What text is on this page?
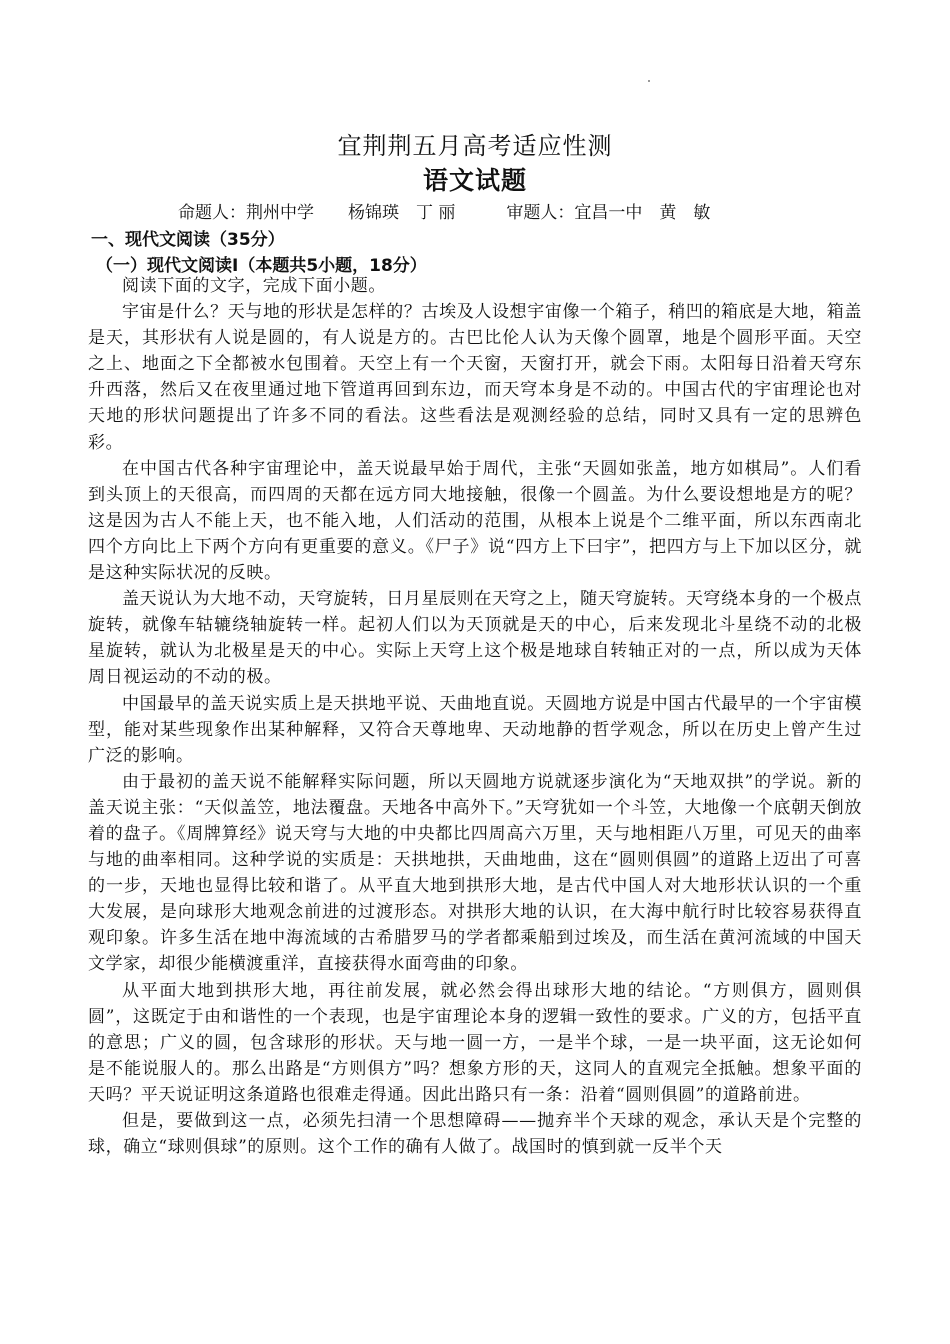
宜荆荆五月高考适应性测
语文试题
命题人：荆州中学　　杨锦瑛　丁 丽　　　审题人：宜昌一中　黄　敏
一、现代文阅读（35分）
（一）现代文阅读Ⅰ（本题共5小题，18分）

阅读下面的文字，完成下面小题。

宇宙是什么？天与地的形状是怎样的？古埃及人设想宇宙像一个箱子，稍凹的箱底是大地，箱盖是天，其形状有人说是圆的，有人说是方的。古巴比伦人认为天像个圆罩，地是个圆形平面。天空之上、地面之下全都被水包围着。天空上有一个天窗，天窗打开，就会下雨。太阳每日沿着天穹东升西落，然后又在夜里通过地下管道再回到东边，而天穹本身是不动的。中国古代的宇宙理论也对天地的形状问题提出了许多不同的看法。这些看法是观测经验的总结，同时又具有一定的思辨色彩。

在中国古代各种宇宙理论中，盖天说最早始于周代，主张“天圆如张盖，地方如棋局”。人们看到头顶上的天很高，而四周的天都在远方同大地接触，很像一个圆盖。为什么要设想地是方的呢？这是因为古人不能上天，也不能入地，人们活动的范围，从根本上说是个二维平面，所以东西南北四个方向比上下两个方向有更重要的意义。《尸子》说“四方上下曰宇”，把四方与上下加以区分，就是这种实际状况的反映。

盖天说认为大地不动，天穹旋转，日月星辰则在天穹之上，随天穹旋转。天穹绕本身的一个极点旋转，就像车轱辘绕轴旋转一样。起初人们以为天顶就是天的中心，后来发现北斗星绕不动的北极星旋转，就认为北极星是天的中心。实际上天穹上这个极是地球自转轴正对的一点，所以成为天体周日视运动的不动的极。

中国最早的盖天说实质上是天拱地平说、天曲地直说。天圆地方说是中国古代最早的一个宇宙模型，能对某些现象作出某种解释，又符合天尊地卑、天动地静的哲学观念，所以在历史上曾产生过广泛的影响。

由于最初的盖天说不能解释实际问题，所以天圆地方说就逐步演化为“天地双拱”的学说。新的盖天说主张：“天似盖笠，地法覆盘。天地各中高外下。”天穹犹如一个斗笠，大地像一个底朝天倒放着的盘子。《周牌算经》说天穹与大地的中央都比四周高六万里，天与地相距八万里，可见天的曲率与地的曲率相同。这种学说的实质是：天拱地拱，天曲地曲，这在“圆则俱圆”的道路上迈出了可喜的一步，天地也显得比较和谐了。从平直大地到拱形大地，是古代中国人对大地形状认识的一个重大发展，是向球形大地观念前进的过渡形态。对拱形大地的认识，在大海中航行时比较容易获得直观印象。许多生活在地中海流域的古希腊罗马的学者都乘船到过埃及，而生活在黄河流域的中国天文学家，却很少能横渡重洋，直接获得水面弯曲的印象。

从平面大地到拱形大地，再往前发展，就必然会得出球形大地的结论。“方则俱方，圆则俱圆”，这既定于由和谐性的一个表现，也是宇宙理论本身的逻辑一致性的要求。广义的方，包括平直的意思；广义的圆，包含球形的形状。天与地一圆一方，一是半个球，一是一块平面，这无论如何是不能说服人的。那么出路是“方则俱方”吗？想象方形的天，这同人的直观完全抵触。想象平面的天吗？平天说证明这条道路也很难走得通。因此出路只有一条：沿着“圆则俱圆”的道路前进。

但是，要做到这一点，必须先扫清一个思想障碍——抛弃半个天球的观念，承认天是个完整的球，确立“球则俱球”的原则。这个工作的确有人做了。战国时的慎到就一反半个天
